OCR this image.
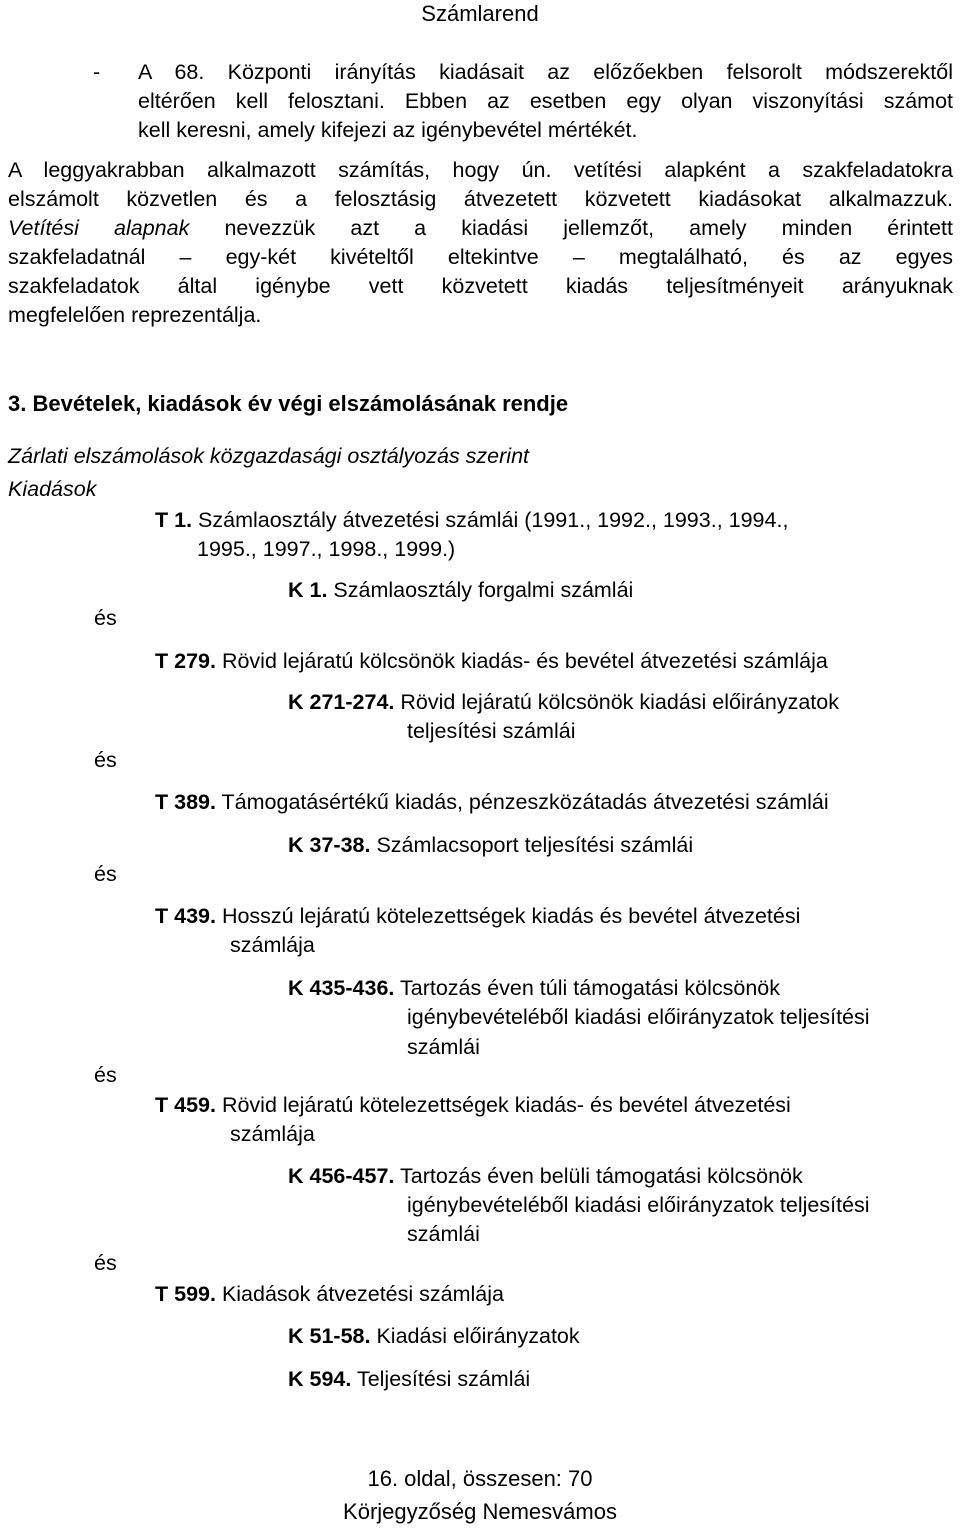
Számlarend
- A 68. Központi irányítás kiadásait az előzőekben felsorolt módszerektől
eltérően kell felosztani. Ebben az esetben egy olyan viszonyítási számot
kell keresni, amely kifejezi az igénybevétel mértékét.
A leggyakrabban alkalmazott számítás, hogy ún. vetítési alapként a szakfeladatokra
elszámolt közvetlen és a felosztásig átvezetett közvetett kiadásokat alkalmazzuk.
Vetítési alapnak nevezzük azt a kiadási jellemzőt, amely minden érintett
szakfeladatnál – egy-két kivételtől eltekintve – megtalálható, és az egyes
szakfeladatok által igénybe vett közvetett kiadás teljesítményeit arányuknak
megfelelően reprezentálja.
3. Bevételek, kiadások év végi elszámolásának rendje
Zárlati elszámolások közgazdasági osztályozás szerint
Kiadások
T 1. Számlaosztály átvezetési számlái (1991., 1992., 1993., 1994.,
1995., 1997., 1998., 1999.)
K 1. Számlaosztály forgalmi számlái
és
T 279. Rövid lejáratú kölcsönök kiadás- és bevétel átvezetési számlája
K 271-274. Rövid lejáratú kölcsönök kiadási előirányzatok
teljesítési számlái
és
T 389. Támogatásértékű kiadás, pénzeszközátadás átvezetési számlái
K 37-38. Számlacsoport teljesítési számlái
és
T 439. Hosszú lejáratú kötelezettségek kiadás és bevétel átvezetési
számlája
K 435-436. Tartozás éven túli támogatási kölcsönök
igénybevételéből kiadási előirányzatok teljesítési
számlái
és
T 459. Rövid lejáratú kötelezettségek kiadás- és bevétel átvezetési
számlája
K 456-457. Tartozás éven belüli támogatási kölcsönök
igénybevételéből kiadási előirányzatok teljesítési
számlái
és
T 599. Kiadások átvezetési számlája
K 51-58. Kiadási előirányzatok
K 594. Teljesítési számlái
16. oldal, összesen: 70
Körjegyzőség Nemesvámos
